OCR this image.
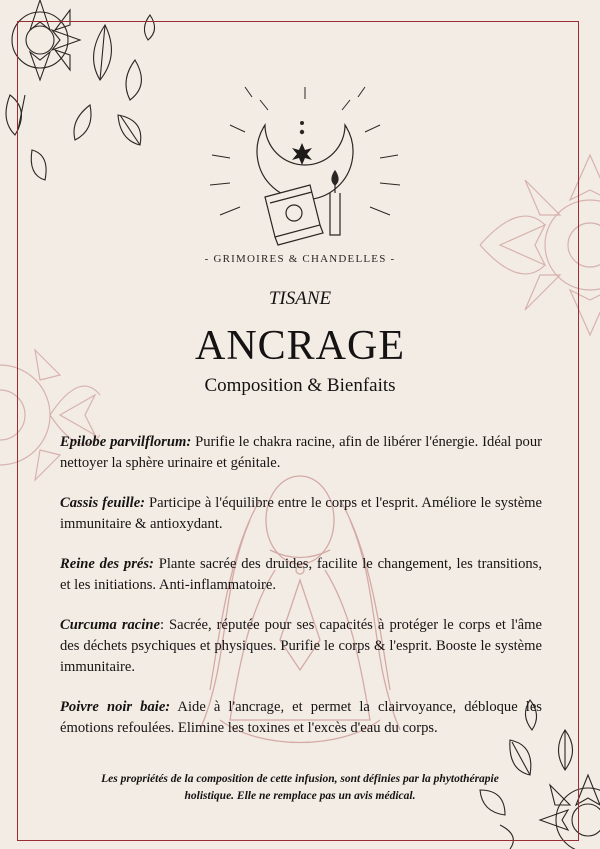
- GRIMOIRES & CHANDELLES -
TISANE
ANCRAGE
Composition & Bienfaits

Epilobe parvilflorum: Purifie le chakra racine, afin de libérer l'énergie. Idéal pour nettoyer la sphère urinaire et génitale.

Cassis feuille: Participe à l'équilibre entre le corps et l'esprit. Améliore le système immunitaire & antioxydant.

Reine des prés: Plante sacrée des druides, facilite le changement, les transitions, et les initiations. Anti-inflammatoire.

Curcuma racine: Sacrée, réputée pour ses capacités à protéger le corps et l'âme des déchets psychiques et physiques. Purifie le corps & l'esprit. Booste le système immunitaire.

Poivre noir baie: Aide à l'ancrage, et permet la clairvoyance, débloque les émotions refoulées. Elimine les toxines et l'excès d'eau du corps.

Les propriétés de la composition de cette infusion, sont définies par la phytothérapie holistique. Elle ne remplace pas un avis médical.
